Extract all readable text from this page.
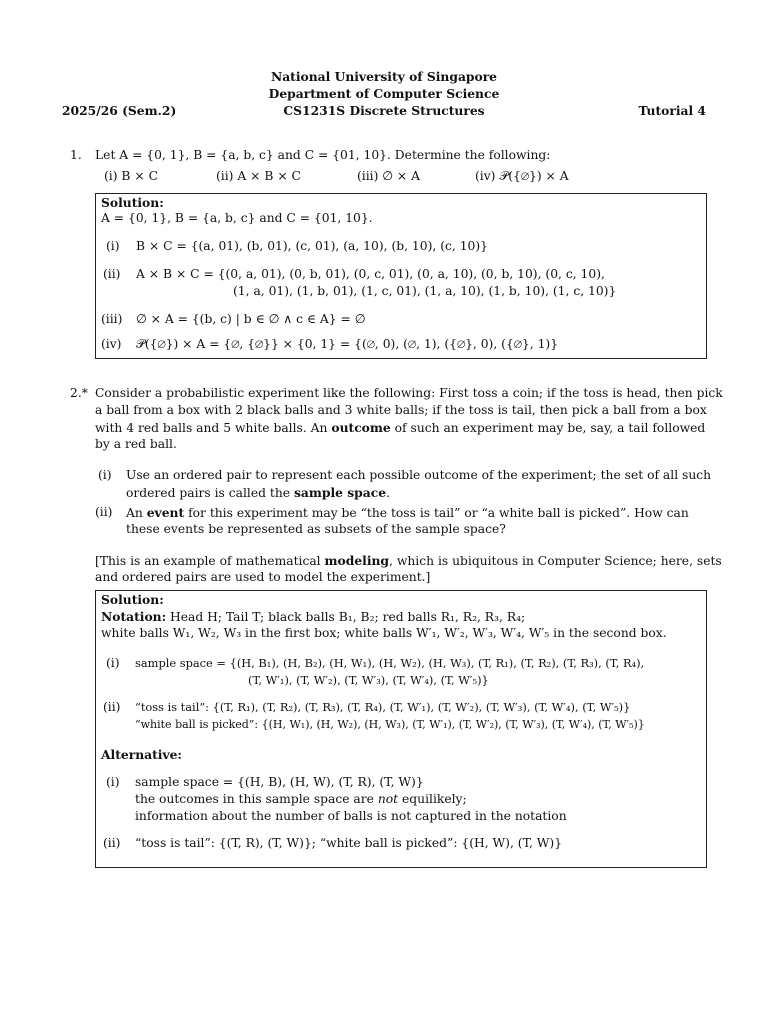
National University of Singapore
Department of Computer Science
2025/26 (Sem.2)	CS1231S Discrete Structures	Tutorial 4
1. Let A = {0, 1}, B = {a, b, c} and C = {01, 10}. Determine the following:
(i) B × C	(ii) A × B × C	(iii) ∅ × A	(iv) 𝒫({∅}) × A
Solution:
A = {0, 1}, B = {a, b, c} and C = {01, 10}.
(i) B × C = {(a, 01), (b, 01), (c, 01), (a, 10), (b, 10), (c, 10)}
(ii) A × B × C = {(0, a, 01), (0, b, 01), (0, c, 01), (0, a, 10), (0, b, 10), (0, c, 10),
(1, a, 01), (1, b, 01), (1, c, 01), (1, a, 10), (1, b, 10), (1, c, 10)}
(iii) ∅ × A = {(b, c) | b ∈ ∅ ∧ c ∈ A} = ∅
(iv) 𝒫({∅}) × A = {∅, {∅}} × {0, 1} = {(∅, 0), (∅, 1), ({∅}, 0), ({∅}, 1)}
2.* Consider a probabilistic experiment like the following: First toss a coin; if the toss is head, then pick
a ball from a box with 2 black balls and 3 white balls; if the toss is tail, then pick a ball from a box
with 4 red balls and 5 white balls. An outcome of such an experiment may be, say, a tail followed
by a red ball.
(i) Use an ordered pair to represent each possible outcome of the experiment; the set of all such
ordered pairs is called the sample space.
(ii) An event for this experiment may be “the toss is tail” or “a white ball is picked”. How can
these events be represented as subsets of the sample space?
[This is an example of mathematical modeling, which is ubiquitous in Computer Science; here, sets
and ordered pairs are used to model the experiment.]
Solution:
Notation: Head H; Tail T; black balls B₁, B₂; red balls R₁, R₂, R₃, R₄;
white balls W₁, W₂, W₃ in the first box; white balls W′₁, W′₂, W′₃, W′₄, W′₅ in the second box.
(i) sample space = {(H, B₁), (H, B₂), (H, W₁), (H, W₂), (H, W₃), (T, R₁), (T, R₂), (T, R₃), (T, R₄),
(T, W′₁), (T, W′₂), (T, W′₃), (T, W′₄), (T, W′₅)}
(ii) “toss is tail”: {(T, R₁), (T, R₂), (T, R₃), (T, R₄), (T, W′₁), (T, W′₂), (T, W′₃), (T, W′₄), (T, W′₅)}
“white ball is picked”: {(H, W₁), (H, W₂), (H, W₃), (T, W′₁), (T, W′₂), (T, W′₃), (T, W′₄), (T, W′₅)}
Alternative:
(i) sample space = {(H, B), (H, W), (T, R), (T, W)}
the outcomes in this sample space are not equilikely;
information about the number of balls is not captured in the notation
(ii) “toss is tail”: {(T, R), (T, W)}; “white ball is picked”: {(H, W), (T, W)}
